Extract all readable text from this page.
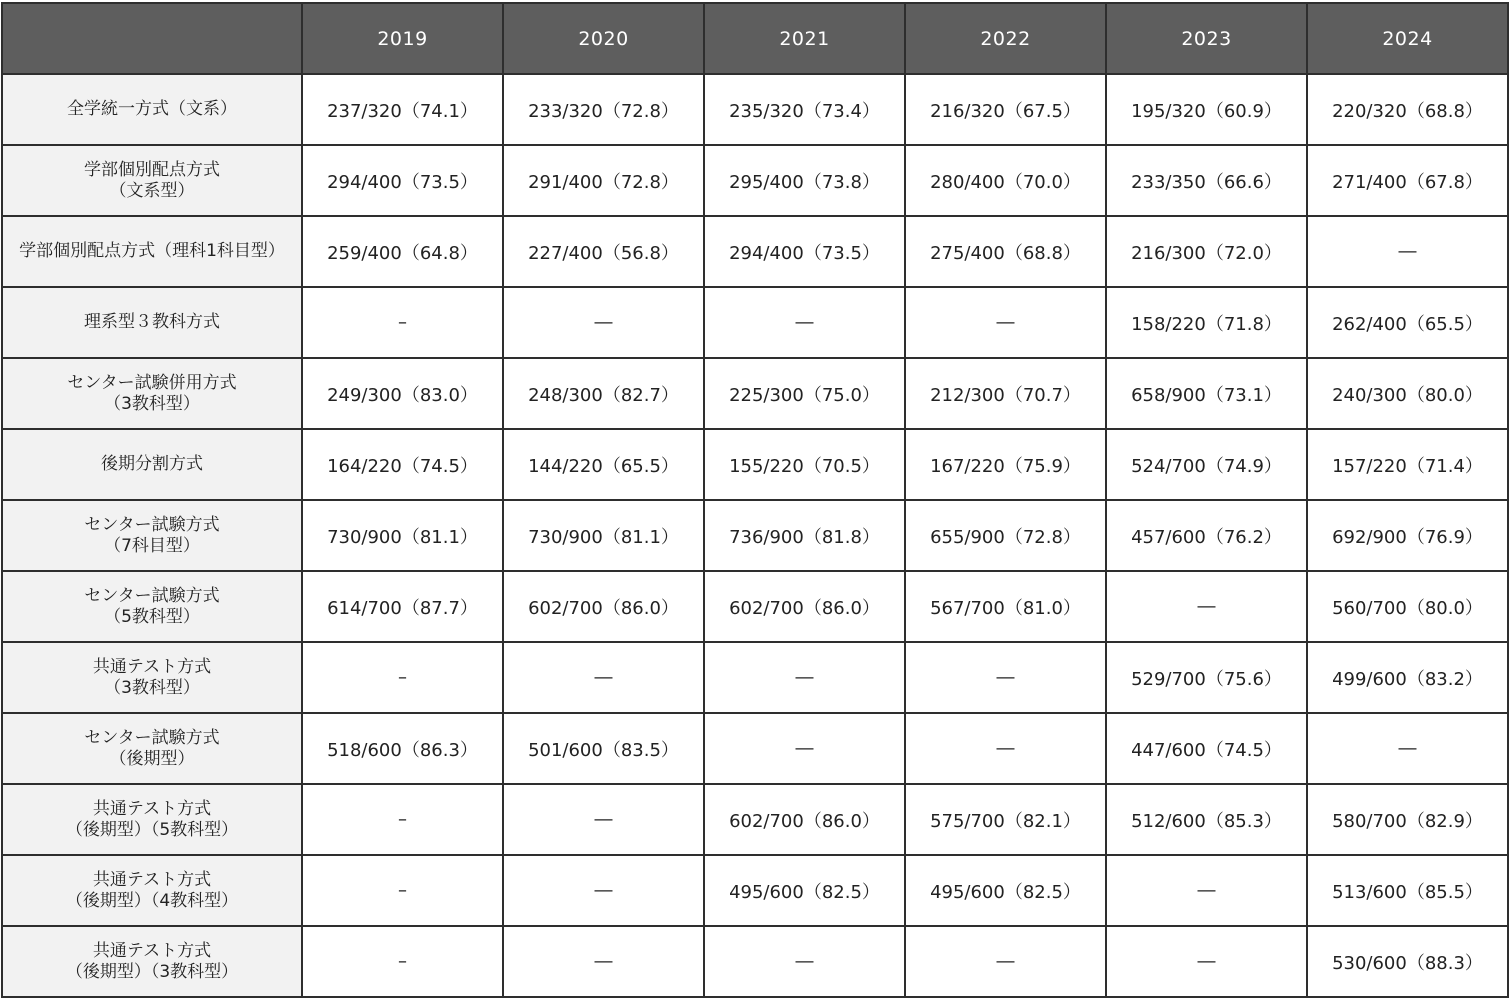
	2019	2020	2021	2022	2023	2024
全学統一方式（文系）	237/320（74.1）	233/320（72.8）	235/320（73.4）	216/320（67.5）	195/320（60.9）	220/320（68.8）
学部個別配点方式
（文系型）	294/400（73.5）	291/400（72.8）	295/400（73.8）	280/400（70.0）	233/350（66.6）	271/400（67.8）
学部個別配点方式（理科1科目型）	259/400（64.8）	227/400（56.8）	294/400（73.5）	275/400（68.8）	216/300（72.0）	―
理系型３教科方式	–	―	―	―	158/220（71.8）	262/400（65.5）
センター試験併用方式
（3教科型）	249/300（83.0）	248/300（82.7）	225/300（75.0）	212/300（70.7）	658/900（73.1）	240/300（80.0）
後期分割方式	164/220（74.5）	144/220（65.5）	155/220（70.5）	167/220（75.9）	524/700（74.9）	157/220（71.4）
センター試験方式
（7科目型）	730/900（81.1）	730/900（81.1）	736/900（81.8）	655/900（72.8）	457/600（76.2）	692/900（76.9）
センター試験方式
（5教科型）	614/700（87.7）	602/700（86.0）	602/700（86.0）	567/700（81.0）	―	560/700（80.0）
共通テスト方式
（3教科型）	–	―	―	―	529/700（75.6）	499/600（83.2）
センター試験方式
（後期型）	518/600（86.3）	501/600（83.5）	―	―	447/600（74.5）	―
共通テスト方式
（後期型）（5教科型）	–	―	602/700（86.0）	575/700（82.1）	512/600（85.3）	580/700（82.9）
共通テスト方式
（後期型）（4教科型）	–	―	495/600（82.5）	495/600（82.5）	―	513/600（85.5）
共通テスト方式
（後期型）（3教科型）	–	―	―	―	―	530/600（88.3）
